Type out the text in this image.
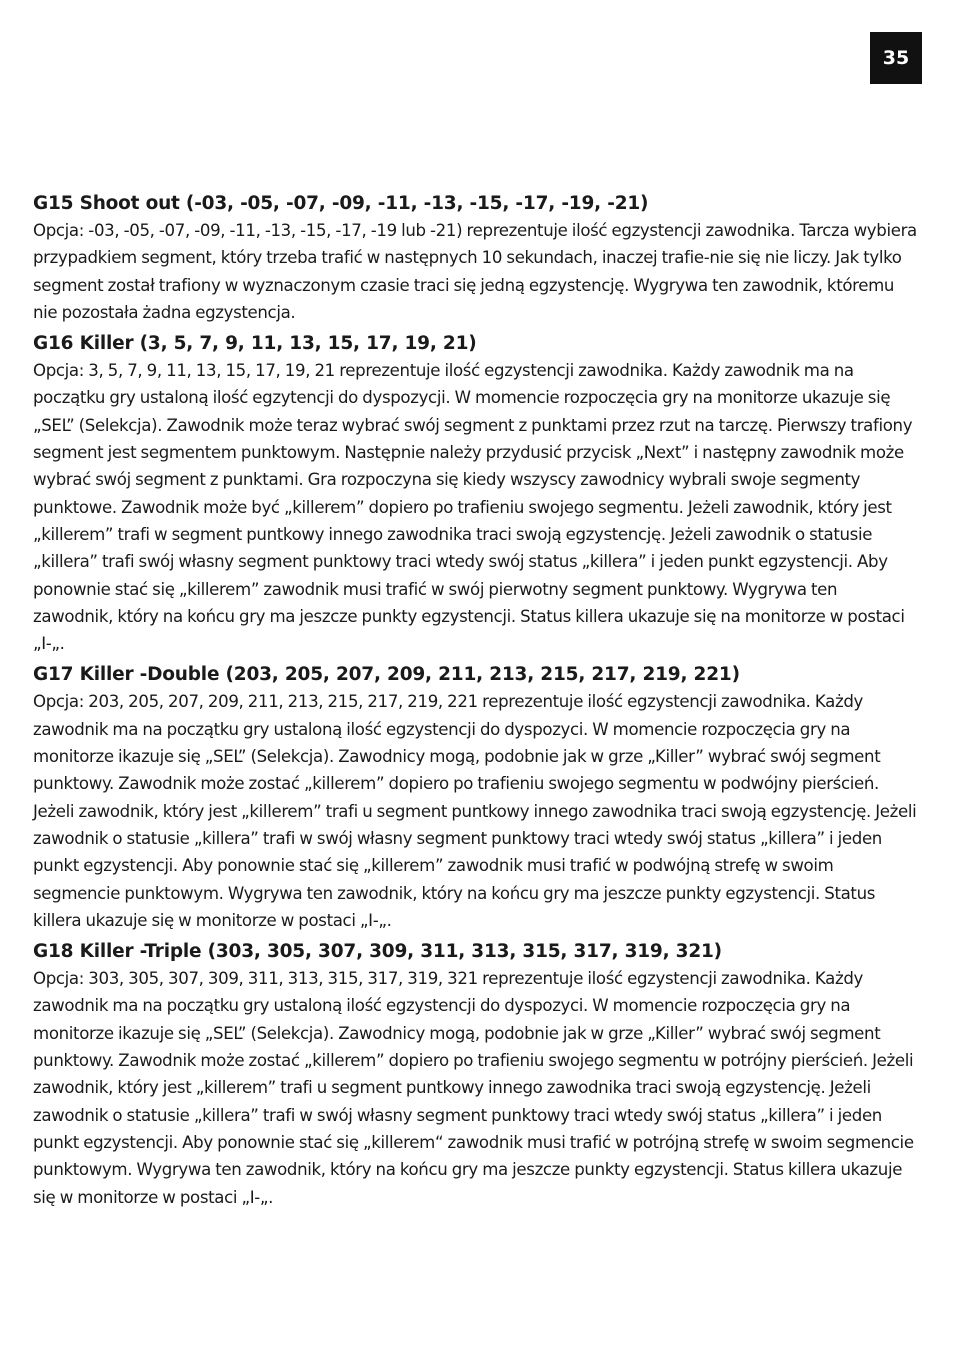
35

G15 Shoot out (-03, -05, -07, -09, -11, -13, -15, -17, -19, -21)

Opcja: -03, -05, -07, -09, -11, -13, -15, -17, -19 lub -21) reprezentuje ilość egzystencji zawodnika. Tarcza wybiera przypadkiem segment, który trzeba trafić w następnych 10 sekundach, inaczej trafie-nie się nie liczy. Jak tylko segment został trafiony w wyznaczonym czasie traci się jedną egzystencję. Wygrywa ten zawodnik, któremu nie pozostała żadna egzystencja.

G16 Killer (3, 5, 7, 9, 11, 13, 15, 17, 19, 21)

Opcja: 3, 5, 7, 9, 11, 13, 15, 17, 19, 21 reprezentuje ilość egzystencji zawodnika. Każdy zawodnik ma na początku gry ustaloną ilość egzytencji do dyspozycji. W momencie rozpoczęcia gry na monitorze ukazuje się „SEL” (Selekcja). Zawodnik może teraz wybrać swój segment z punktami przez rzut na tarczę. Pierwszy trafiony segment jest segmentem punktowym. Następnie należy przydusić przycisk „Next” i następny zawodnik może wybrać swój segment z punktami. Gra rozpoczyna się kiedy wszyscy zawodnicy wybrali swoje segmenty punktowe. Zawodnik może być „killerem” dopiero po trafieniu swojego segmentu. Jeżeli zawodnik, który jest „killerem” trafi w segment puntkowy innego zawodnika traci swoją egzystencję. Jeżeli zawodnik o statusie „killera” trafi swój własny segment punktowy traci wtedy swój status „killera” i jeden punkt egzystencji. Aby ponownie stać się „killerem” zawodnik musi trafić w swój pierwotny segment punktowy. Wygrywa ten zawodnik, który na końcu gry ma jeszcze punkty egzystencji. Status killera ukazuje się na monitorze w postaci „I-„.

G17 Killer -Double (203, 205, 207, 209, 211, 213, 215, 217, 219, 221)

Opcja: 203, 205, 207, 209, 211, 213, 215, 217, 219, 221 reprezentuje ilość egzystencji zawodnika. Każdy zawodnik ma na początku gry ustaloną ilość egzystencji do dyspozyci. W momencie rozpoczęcia gry na monitorze ikazuje się „SEL” (Selekcja). Zawodnicy mogą, podobnie jak w grze „Killer” wybrać swój segment punktowy. Zawodnik może zostać „killerem” dopiero po trafieniu swojego segmentu w podwójny pierścień. Jeżeli zawodnik, który jest „killerem” trafi u segment puntkowy innego zawodnika traci swoją egzystencję. Jeżeli zawodnik o statusie „killera” trafi w swój własny segment punktowy traci wtedy swój status „killera” i jeden punkt egzystencji. Aby ponownie stać się „killerem” zawodnik musi trafić w podwójną strefę w swoim segmencie punktowym. Wygrywa ten zawodnik, który na końcu gry ma jeszcze punkty egzystencji. Status killera ukazuje się w monitorze w postaci „I-„.

G18 Killer -Triple (303, 305, 307, 309, 311, 313, 315, 317, 319, 321)

Opcja: 303, 305, 307, 309, 311, 313, 315, 317, 319, 321 reprezentuje ilość egzystencji zawodnika. Każdy zawodnik ma na początku gry ustaloną ilość egzystencji do dyspozyci. W momencie rozpoczęcia gry na monitorze ikazuje się „SEL” (Selekcja). Zawodnicy mogą, podobnie jak w grze „Killer” wybrać swój segment punktowy. Zawodnik może zostać „killerem” dopiero po trafieniu swojego segmentu w potrójny pierścień. Jeżeli zawodnik, który jest „killerem” trafi u segment puntkowy innego zawodnika traci swoją egzystencję. Jeżeli zawodnik o statusie „killera” trafi w swój własny segment punktowy traci wtedy swój status „killera” i jeden punkt egzystencji. Aby ponownie stać się „killerem“ zawodnik musi trafić w potrójną strefę w swoim segmencie punktowym. Wygrywa ten zawodnik, który na końcu gry ma jeszcze punkty egzystencji. Status killera ukazuje się w monitorze w postaci „I-„.
